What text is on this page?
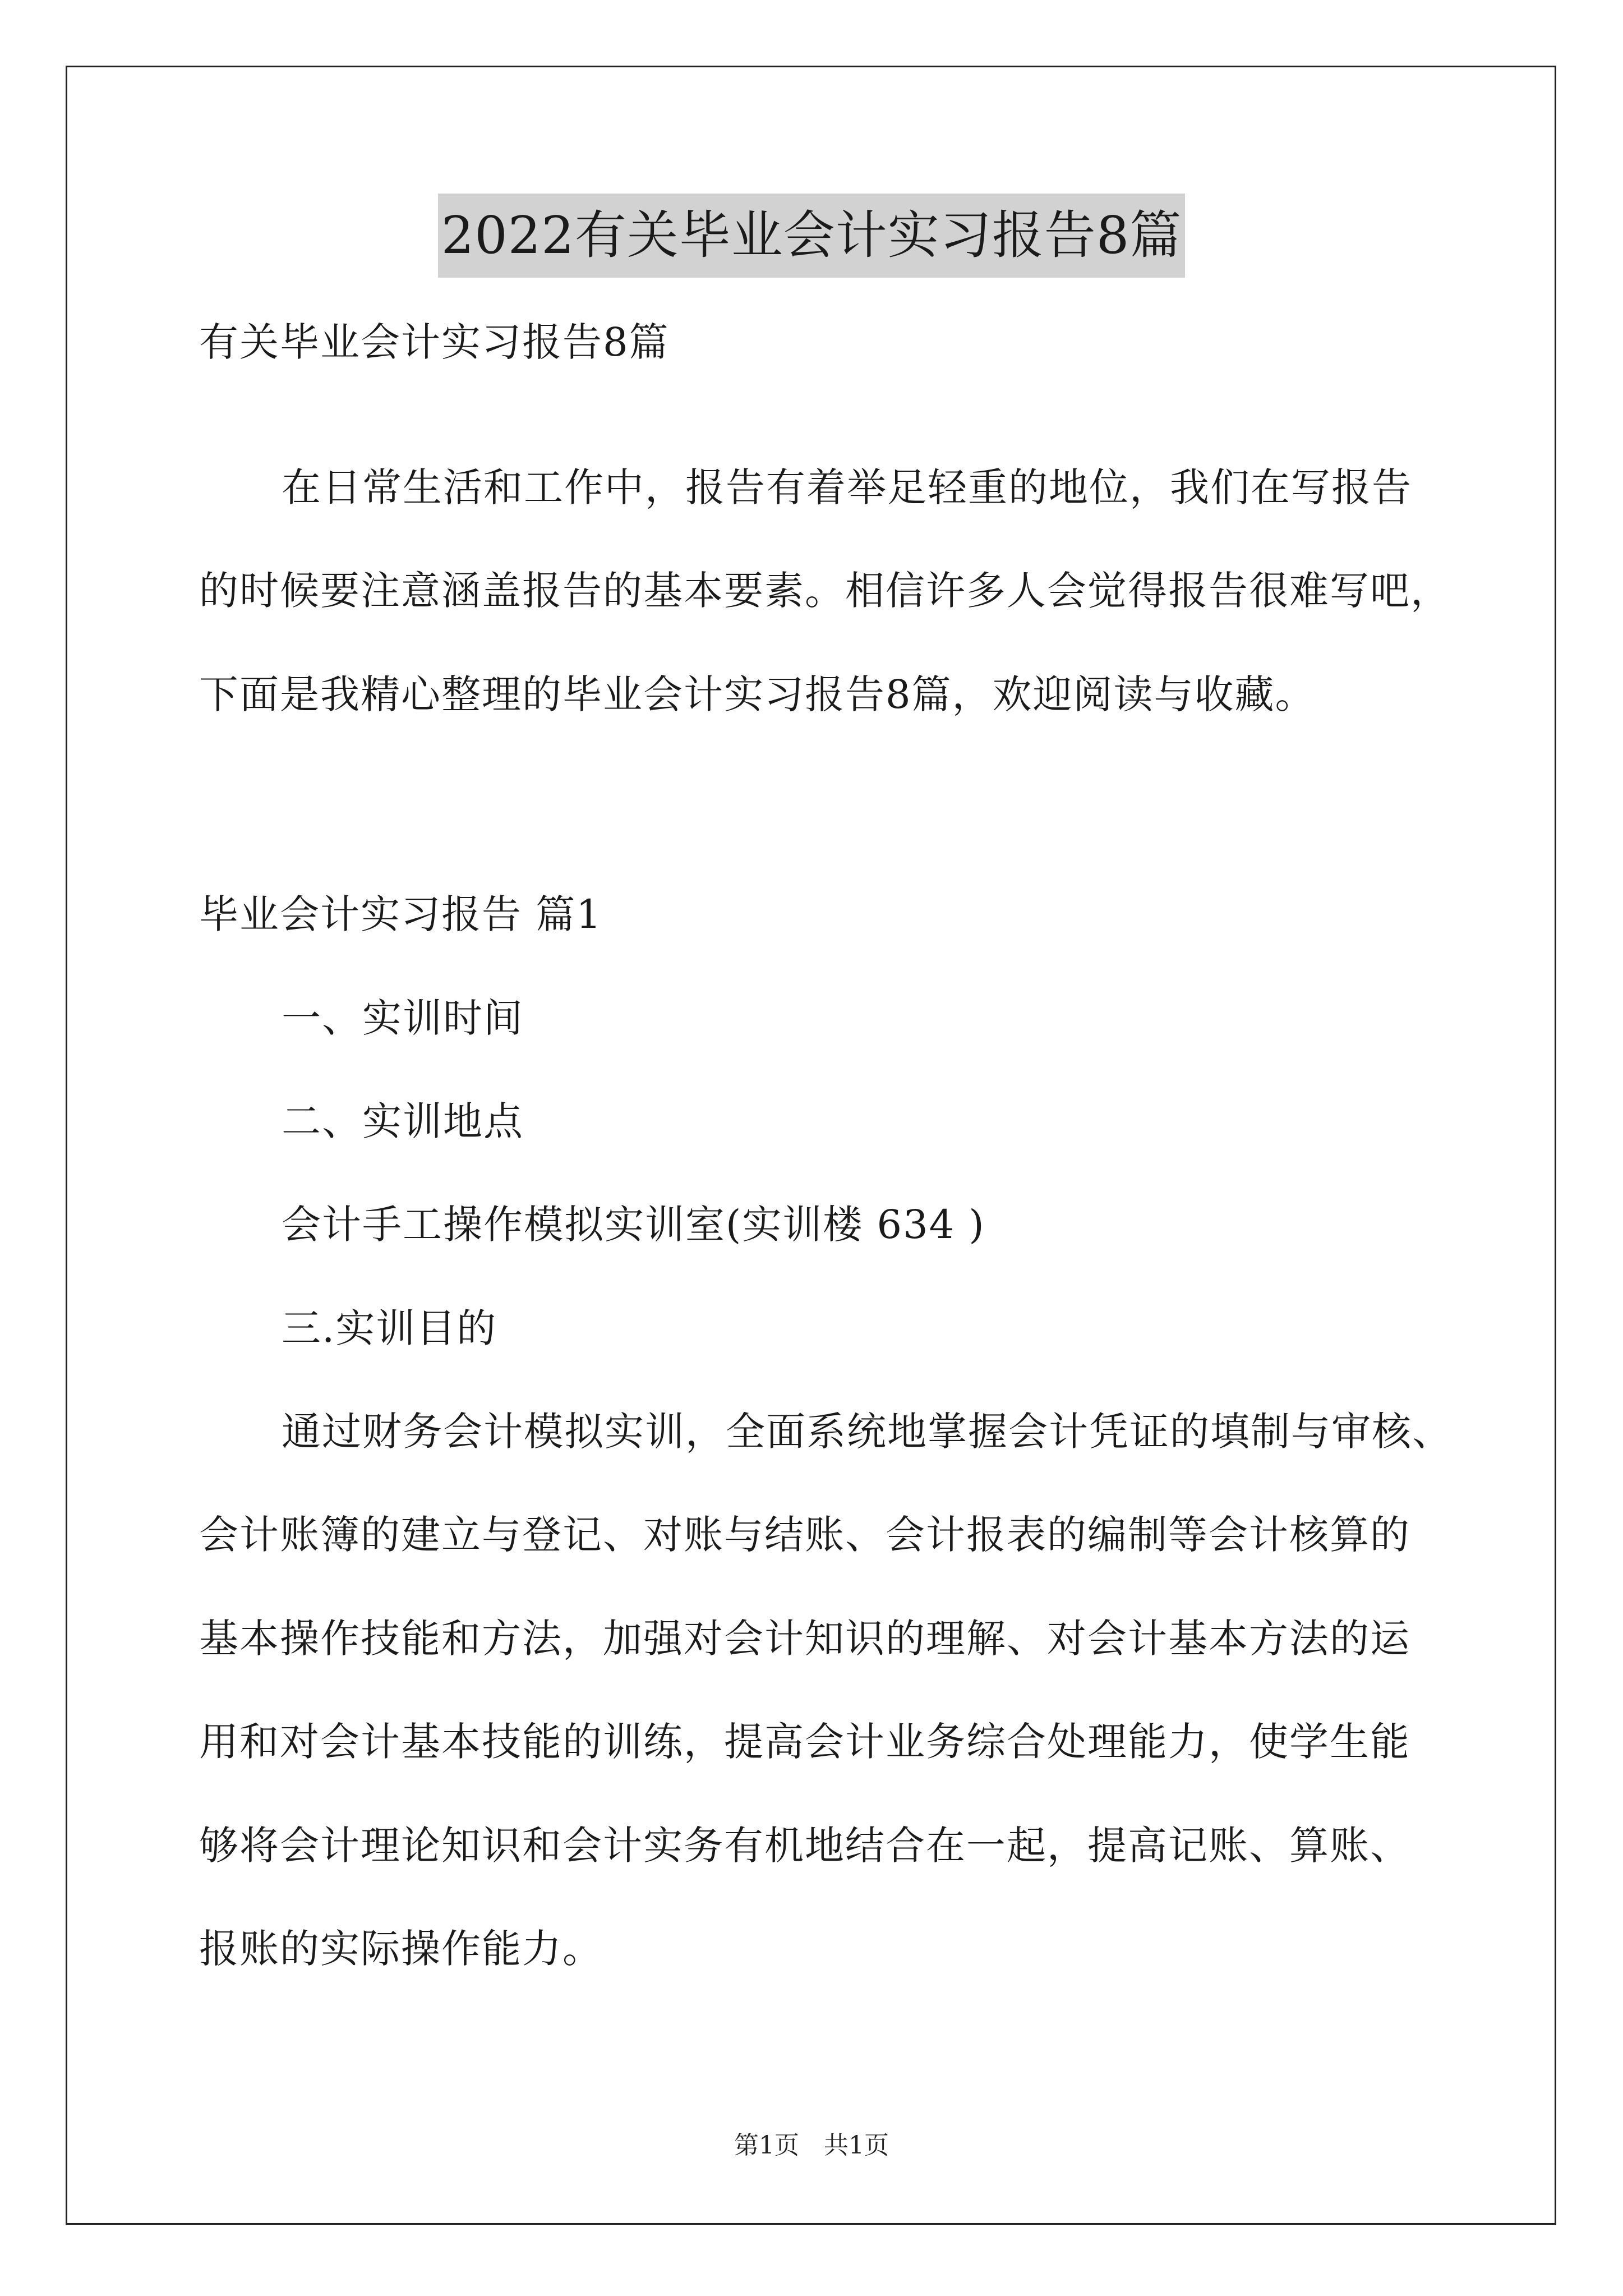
2022有关毕业会计实习报告8篇
有关毕业会计实习报告8篇
在日常生活和工作中，报告有着举足轻重的地位，我们在写报告
的时候要注意涵盖报告的基本要素。相信许多人会觉得报告很难写吧，
下面是我精心整理的毕业会计实习报告8篇，欢迎阅读与收藏。
毕业会计实习报告 篇1
一、实训时间
二、实训地点
会计手工操作模拟实训室(实训楼 634 )
三.实训目的
通过财务会计模拟实训，全面系统地掌握会计凭证的填制与审核、
会计账簿的建立与登记、对账与结账、会计报表的编制等会计核算的
基本操作技能和方法，加强对会计知识的理解、对会计基本方法的运
用和对会计基本技能的训练，提高会计业务综合处理能力，使学生能
够将会计理论知识和会计实务有机地结合在一起，提高记账、算账、
报账的实际操作能力。
第1页　共1页
